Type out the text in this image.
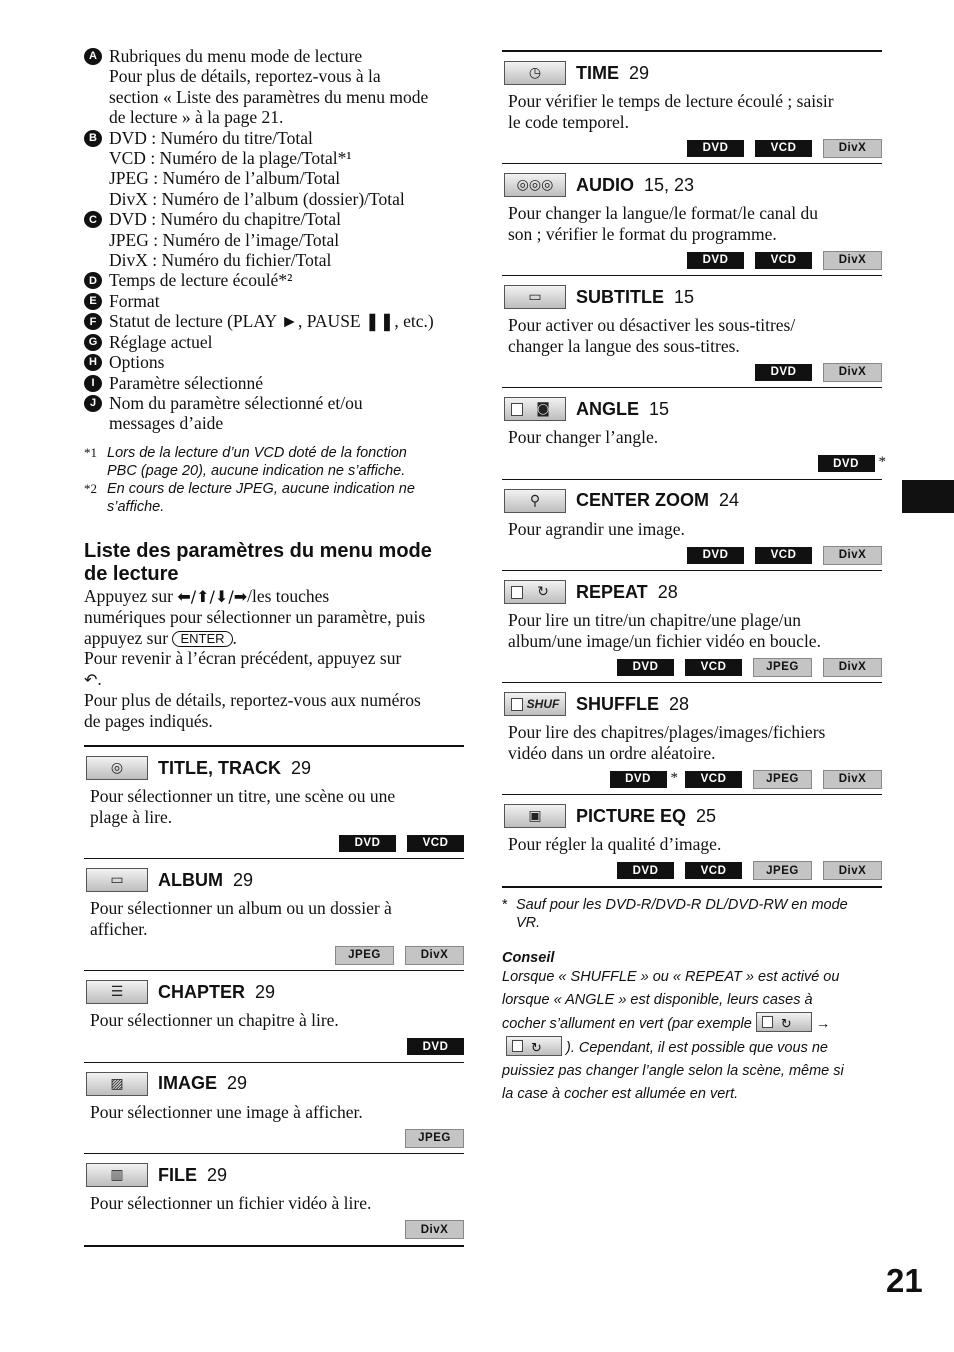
A Rubriques du menu mode de lecture
Pour plus de détails, reportez-vous à la
section « Liste des paramètres du menu mode
de lecture » à la page 21.
B DVD : Numéro du titre/Total
VCD : Numéro de la plage/Total*¹
JPEG : Numéro de l’album/Total
DivX : Numéro de l’album (dossier)/Total
C DVD : Numéro du chapitre/Total
JPEG : Numéro de l’image/Total
DivX : Numéro du fichier/Total
D Temps de lecture écoulé*²
E Format
F Statut de lecture (PLAY ►, PAUSE ❚❚, etc.)
G Réglage actuel
H Options
I Paramètre sélectionné
J Nom du paramètre sélectionné et/ou
messages d’aide
*1 Lors de la lecture d’un VCD doté de la fonction
PBC (page 20), aucune indication ne s’affiche.
*2 En cours de lecture JPEG, aucune indication ne
s’affiche.
Liste des paramètres du menu mode
de lecture
Appuyez sur ⬅/⬆/⬇/➡/les touches
numériques pour sélectionner un paramètre, puis
appuyez sur ENTER .
Pour revenir à l’écran précédent, appuyez sur
↶.
Pour plus de détails, reportez-vous aux numéros
de pages indiqués.
◎ TITLE, TRACK 29
Pour sélectionner un titre, une scène ou une
plage à lire.
DVD	VCD
▭ ALBUM 29
Pour sélectionner un album ou un dossier à
afficher.
JPEG	DivX
☰ CHAPTER 29
Pour sélectionner un chapitre à lire.
DVD
▨ IMAGE 29
Pour sélectionner une image à afficher.
JPEG
▥ FILE 29
Pour sélectionner un fichier vidéo à lire.
DivX
◷ TIME 29
Pour vérifier le temps de lecture écoulé ; saisir
le code temporel.
DVD	VCD	DivX
◎◎◎ AUDIO 15, 23
Pour changer la langue/le format/le canal du
son ; vérifier le format du programme.
DVD	VCD	DivX
▭ SUBTITLE 15
Pour activer ou désactiver les sous-titres/
changer la langue des sous-titres.
DVD	DivX
◙ ANGLE 15
Pour changer l’angle.
DVD	*
⚲ CENTER ZOOM 24
Pour agrandir une image.
DVD	VCD	DivX
↻ REPEAT 28
Pour lire un titre/un chapitre/une plage/un
album/une image/un fichier vidéo en boucle.
DVD	VCD	JPEG	DivX
SHUF SHUFFLE 28
Pour lire des chapitres/plages/images/fichiers
vidéo dans un ordre aléatoire.
DVD	*	VCD	JPEG	DivX
▣ PICTURE EQ 25
Pour régler la qualité d’image.
DVD	VCD	JPEG	DivX
* Sauf pour les DVD-R/DVD-R DL/DVD-RW en mode
VR.
Conseil
Lorsque « SHUFFLE » ou « REPEAT » est activé ou
lorsque « ANGLE » est disponible, leurs cases à
cocher s’allument en vert (par exemple ↻ →
↻ ). Cependant, il est possible que vous ne
puissiez pas changer l’angle selon la scène, même si
la case à cocher est allumée en vert.
21
